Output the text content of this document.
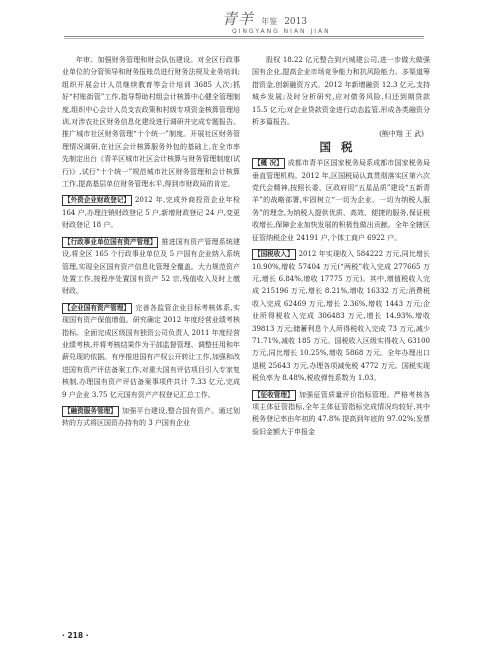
青羊 年鉴 2013
QINGYANG NIAN JIAN

年审。加强财务管理和财会队伍建设。对全区行政事业单位的分管领导和财务报账员进行财务法规及业务培训;组织开展会计人员继续教育等会计培训 3685 人次;抓好“村账街管”工作,指导帮助村组会计核算中心健全管理制度,组织中心会计人员支农政策和村级专项资金核算管理培训,对涉农社区财务信息化建设进行调研并完成专题报告。推广城市社区财务管理“十个统一”制度。开展社区财务管理情况调研,在社区会计核算服务外包的基础上,在全市率先制定出台《青羊区城市社区会计核算与财务管理制度(试行)》,试行“十个统一”规范城市社区财务管理和会计核算工作,提高基层单位财务管理水平,得到市财政局的肯定。

【外资企业财政登记】 2012 年,完成外商投资企业年检 164 户,办理注销财政登记 5 户,新增财政登记 24 户,变更财政登记 18 户。

【行政事业单位国有资产管理】 推进国有资产管理系统建设,将全区 165 个行政事业单位及 5 户国有企业纳入系统管理,实现全区国有资产信息化管理全覆盖。大力规范资产处置工作,按程序处置国有资产 52 宗,残值收入及时上缴财政。

【企业国有资产管理】 完善各监管企业目标考核体系,实现国有资产保值增值。研究确定 2012 年度经营业绩考核指标。全面完成区级国有独资公司负责人 2011 年度经营业绩考核,并将考核结果作为干部监督管理、调整任用和年薪兑现的依据。有序推进国有产权公开转让工作,加强和改进国有资产评估备案工作,对重大国有评估项目引入专家复核制,办理国有资产评估备案事项件共计 7.33 亿元,完成 9 户企业 3.75 亿元国有资产产权登记汇总工作。

【融资服务管理】 加强平台建设,整合国有资产。通过划转的方式将区国资办持有的 3 户国有企业

股权 18.22 亿元整合到兴城建公司,进一步做大做强国有企业,提高企业市场竞争能力和抗风险能力。多渠道筹措资金,创新融资方式。2012 年新增融资 12.3 亿元,支持城乡发展;及时分析研究,应对债务风险,归还到期贷款 15.5 亿元;对企业贷款资金进行动态监管,形成各类融资分析多篇报告。

(熊中翔 王 武)

国税

【概 况】 成都市青羊区国家税务局系成都市国家税务局垂直管理机构。2012 年,区国税局认真贯彻落实区第六次党代会精神,按照长委、区政府用“五星品质”建设“五新青羊”的战略部署,牢固树立“一切为企业、一切为纳税人服务”的理念,为纳税人提供优质、高效、便捷的服务,保证税收增长,保障企业加快发展的积极性做出贡献。全年全辖区征管纳税企业 24191 户,个体工商户 6922 户。

【国税收入】 2012 年实现收入 584222 万元,同比增长 10.90%,增收 57404 万元(“两税”收入完成 277665 万元,增长 6.84%,增收 17775 万元)。其中,增值税收入完成 215196 万元,增长 8.21%,增收 16332 万元;消费税收入完成 62469 万元,增长 2.36%,增收 1443 万元;企业所得税收入完成 306483 万元,增长 14.93%,增收 39813 万元;储蓄利息个人所得税收入完成 73 万元,减少 71.71%,减收 185 万元。国税收入区级实得收入 63100 万元,同比增长 10.25%,增收 5868 万元。全年办理出口退税 25643 万元,办理各项减免税 4772 万元。国税实现税负率为 8.48%,税收弹性系数为 1.03。

【征收管理】 加强征管质量评价指标管理。严格考核各项主体征管指标,全年主体征管指标完成情况均较好,其中税务登记率由年初的 47.8% 提高到年底的 97.02%;发票验旧金额大于申报金

· 218 ·
